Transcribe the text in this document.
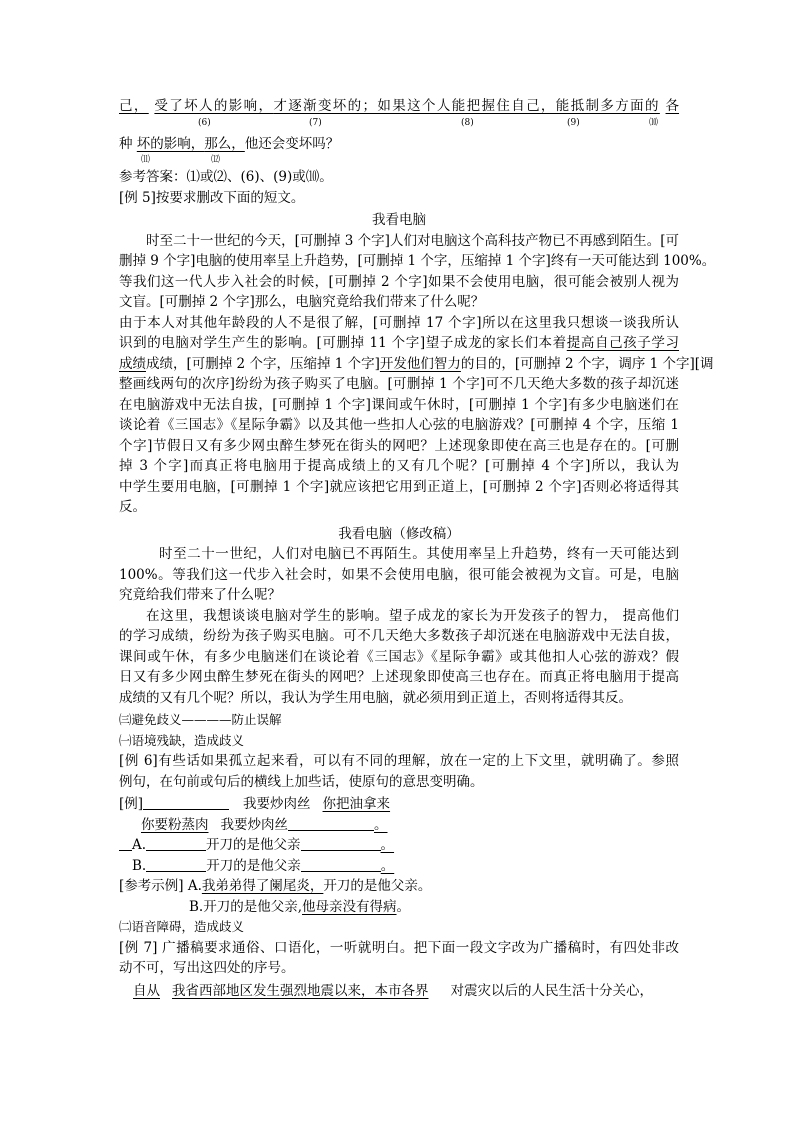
己， 受了坏人的影响，才逐渐变坏的；如果这个人能把握住自己，能抵制多方面的 各
(6)	(7)	(8)	(9)	⑽
种 坏的影响，那么，他还会变坏吗？
⑾	⑿
参考答案：⑴或⑵、(6)、(9)或⑽。
[例 5]按要求删改下面的短文。
我看电脑
时至二十一世纪的今天，[可删掉 3 个字]人们对电脑这个高科技产物已不再感到陌生。[可
删掉 9 个字]电脑的使用率呈上升趋势，[可删掉 1 个字，压缩掉 1 个字]终有一天可能达到 100%。
等我们这一代人步入社会的时候，[可删掉 2 个字]如果不会使用电脑，很可能会被别人视为
文盲。[可删掉 2 个字]那么，电脑究竟给我们带来了什么呢？
由于本人对其他年龄段的人不是很了解，[可删掉 17 个字]所以在这里我只想谈一谈我所认
识到的电脑对学生产生的影响。[可删掉 11 个字]望子成龙的家长们本着提高自己孩子学习
成绩成绩，[可删掉 2 个字，压缩掉 1 个字]开发他们智力的目的，[可删掉 2 个字，调序 1 个字][调
整画线两句的次序]纷纷为孩子购买了电脑。[可删掉 1 个字]可不几天绝大多数的孩子却沉迷
在电脑游戏中无法自拔，[可删掉 1 个字]课间或午休时，[可删掉 1 个字]有多少电脑迷们在
谈论着《三国志》《星际争霸》以及其他一些扣人心弦的电脑游戏？[可删掉 4 个字，压缩 1
个字]节假日又有多少网虫醉生梦死在街头的网吧？上述现象即使在高三也是存在的。[可删
掉 3 个字]而真正将电脑用于提高成绩上的又有几个呢？[可删掉 4 个字]所以，我认为
中学生要用电脑，[可删掉 1 个字]就应该把它用到正道上，[可删掉 2 个字]否则必将适得其
反。
我看电脑（修改稿）
时至二十一世纪，人们对电脑已不再陌生。其使用率呈上升趋势，终有一天可能达到
100%。等我们这一代步入社会时，如果不会使用电脑，很可能会被视为文盲。可是，电脑
究竟给我们带来了什么呢？
在这里，我想谈谈电脑对学生的影响。望子成龙的家长为开发孩子的智力， 提高他们
的学习成绩，纷纷为孩子购买电脑。可不几天绝大多数孩子却沉迷在电脑游戏中无法自拔，
课间或午休，有多少电脑迷们在谈论着《三国志》《星际争霸》或其他扣人心弦的游戏？假
日又有多少网虫醉生梦死在街头的网吧？上述现象即使高三也存在。而真正将电脑用于提高
成绩的又有几个呢？所以，我认为学生用电脑，就必须用到正道上，否则将适得其反。
㈢避免歧义————防止误解
㈠语境残缺，造成歧义
[例 6]有些话如果孤立起来看，可以有不同的理解，放在一定的上下文里，就明确了。参照
例句，在句前或句后的横线上加些话，使原句的意思变明确。
[例]	我要炒肉丝 你把油拿来
你要粉蒸肉 我要炒肉丝	。
A.	开刀的是他父亲	。
B.	开刀的是他父亲	。
[参考示例] A.我弟弟得了阑尾炎，开刀的是他父亲。
B.开刀的是他父亲,他母亲没有得病。
㈡语音障碍，造成歧义
[例 7] 广播稿要求通俗、口语化，一听就明白。把下面一段文字改为广播稿时，有四处非改
动不可，写出这四处的序号。
自从 我省西部地区发生强烈地震以来，本市各界 对震灾以后的人民生活十分关心，
